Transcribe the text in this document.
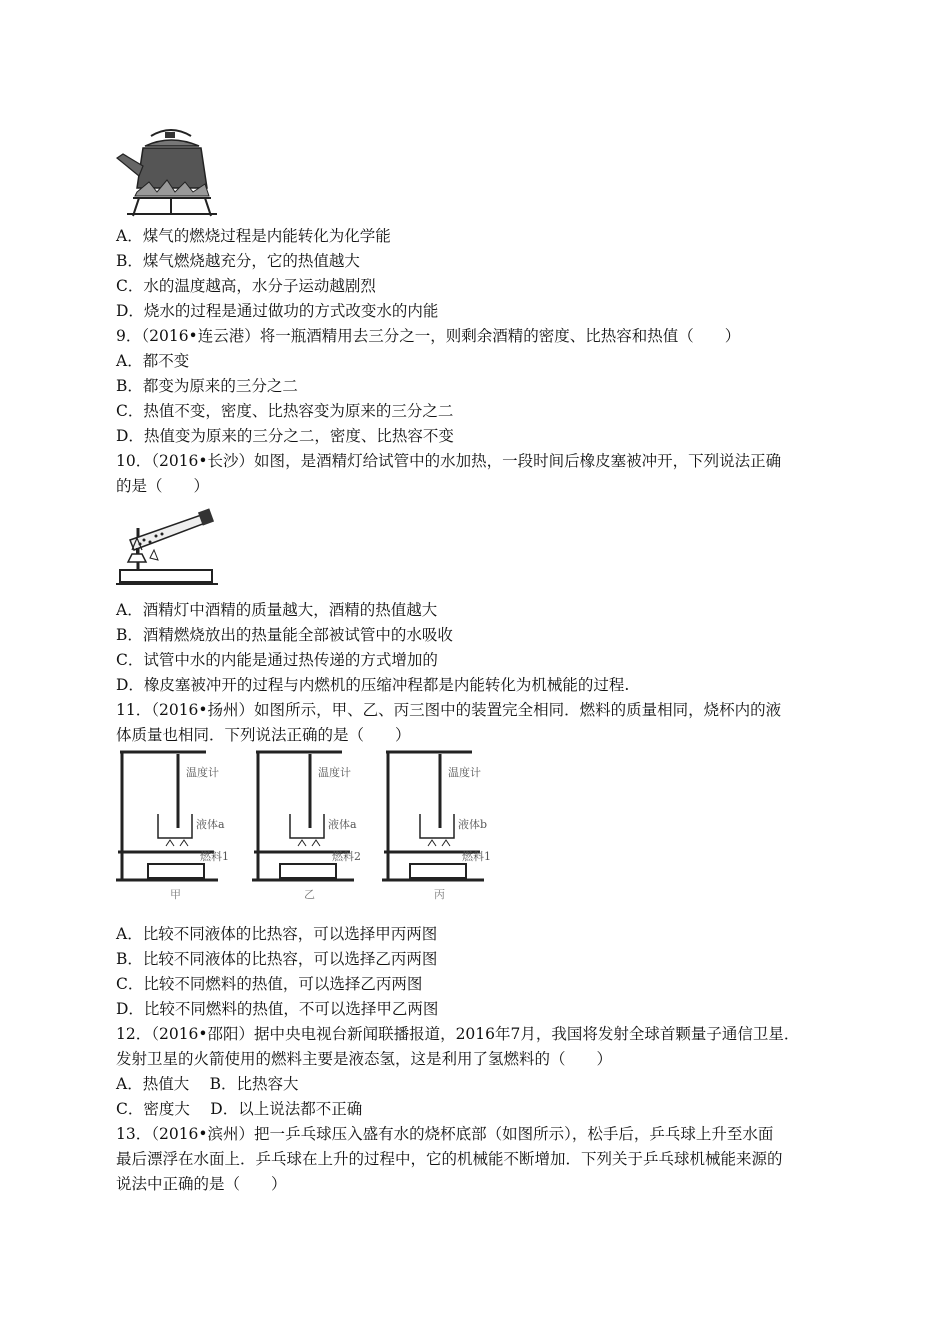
A．煤气的燃烧过程是内能转化为化学能
B．煤气燃烧越充分，它的热值越大
C．水的温度越高，水分子运动越剧烈
D．烧水的过程是通过做功的方式改变水的内能
9．（2016•连云港）将一瓶酒精用去三分之一，则剩余酒精的密度、比热容和热值（　　）
A．都不变
B．都变为原来的三分之二
C．热值不变，密度、比热容变为原来的三分之二
D．热值变为原来的三分之二，密度、比热容不变
10．（2016•长沙）如图，是酒精灯给试管中的水加热，一段时间后橡皮塞被冲开，下列说法正确
的是（　　）
A．酒精灯中酒精的质量越大，酒精的热值越大
B．酒精燃烧放出的热量能全部被试管中的水吸收
C．试管中水的内能是通过热传递的方式增加的
D．橡皮塞被冲开的过程与内燃机的压缩冲程都是内能转化为机械能的过程.
11．（2016•扬州）如图所示，甲、乙、丙三图中的装置完全相同．燃料的质量相同，烧杯内的液
体质量也相同．下列说法正确的是（　　）
温度计
液体a
燃料1
甲
温度计
液体a
燃料2
乙
温度计
液体b
燃料1
丙
A．比较不同液体的比热容，可以选择甲丙两图
B．比较不同液体的比热容，可以选择乙丙两图
C．比较不同燃料的热值，可以选择乙丙两图
D．比较不同燃料的热值，不可以选择甲乙两图
12．（2016•邵阳）据中央电视台新闻联播报道，2016年7月，我国将发射全球首颗量子通信卫星．
发射卫星的火箭使用的燃料主要是液态氢，这是利用了氢燃料的（　　）
A．热值大　 B．比热容大
C．密度大　 D．以上说法都不正确
13．（2016•滨州）把一乒乓球压入盛有水的烧杯底部（如图所示），松手后，乒乓球上升至水面
最后漂浮在水面上．乒乓球在上升的过程中，它的机械能不断增加．下列关于乒乓球机械能来源的
说法中正确的是（　　）
